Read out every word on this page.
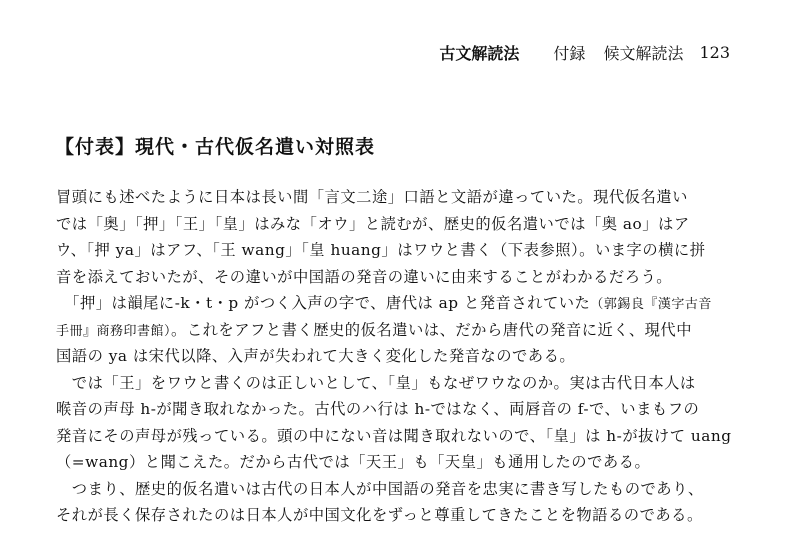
古文解読法 付録 候文解読法 123
【付表】現代・古代仮名遣い対照表
冒頭にも述べたように日本は長い間「言文二途」口語と文語が違っていた。現代仮名遣い
では「奥」「押」「王」「皇」はみな「オウ」と読むが、歴史的仮名遣いでは「奥 ao」はア
ウ、「押 ya」はアフ、「王 wang」「皇 huang」はワウと書く（下表参照）。いま字の横に拼
音を添えておいたが、その違いが中国語の発音の違いに由来することがわかるだろう。
　「押」は韻尾に-k・t・p がつく入声の字で、唐代は ap と発音されていた（郭錫良『漢字古音
手冊』商務印書館）。これをアフと書く歴史的仮名遣いは、だから唐代の発音に近く、現代中
国語の ya は宋代以降、入声が失われて大きく変化した発音なのである。
　では「王」をワウと書くのは正しいとして、「皇」もなぜワウなのか。実は古代日本人は
喉音の声母 h-が聞き取れなかった。古代のハ行は h-ではなく、両唇音の f-で、いまもフの
発音にその声母が残っている。頭の中にない音は聞き取れないので、「皇」は h-が抜けて uang
（=wang）と聞こえた。だから古代では「天王」も「天皇」も通用したのである。
　つまり、歴史的仮名遣いは古代の日本人が中国語の発音を忠実に書き写したものであり、
それが長く保存されたのは日本人が中国文化をずっと尊重してきたことを物語るのである。
